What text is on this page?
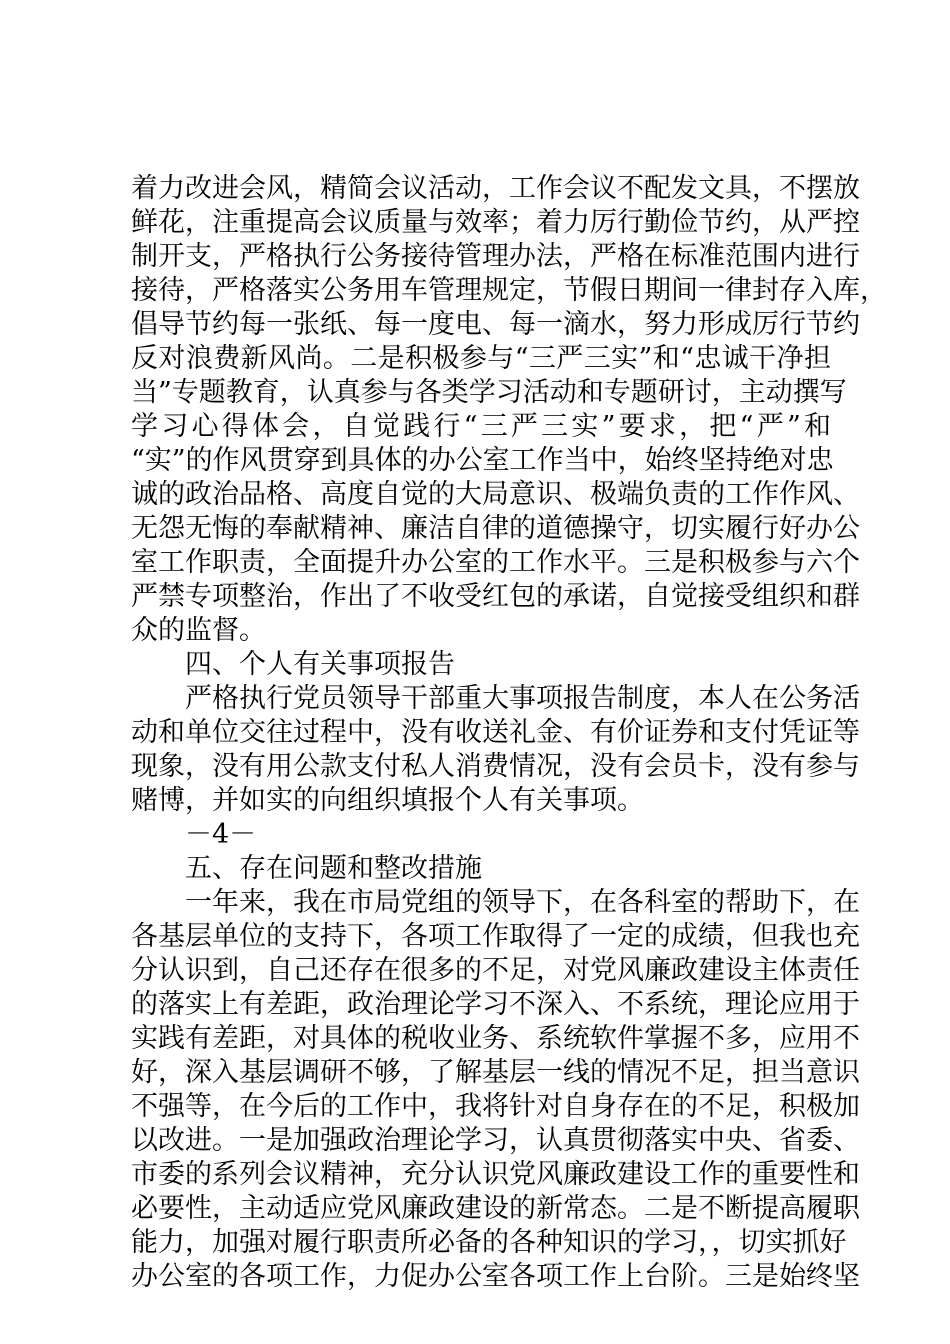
着力改进会风，精简会议活动，工作会议不配发文具，不摆放
鲜花，注重提高会议质量与效率；着力厉行勤俭节约，从严控
制开支，严格执行公务接待管理办法，严格在标准范围内进行
接待，严格落实公务用车管理规定，节假日期间一律封存入库，
倡导节约每一张纸、每一度电、每一滴水，努力形成厉行节约
反对浪费新风尚。二是积极参与“三严三实”和“忠诚干净担
当”专题教育，认真参与各类学习活动和专题研讨，主动撰写
学习心得体会，自觉践行“三严三实”要求，把“严”和
“实”的作风贯穿到具体的办公室工作当中，始终坚持绝对忠
诚的政治品格、高度自觉的大局意识、极端负责的工作作风、
无怨无悔的奉献精神、廉洁自律的道德操守，切实履行好办公
室工作职责，全面提升办公室的工作水平。三是积极参与六个
严禁专项整治，作出了不收受红包的承诺，自觉接受组织和群
众的监督。
四、个人有关事项报告
严格执行党员领导干部重大事项报告制度，本人在公务活
动和单位交往过程中，没有收送礼金、有价证券和支付凭证等
现象，没有用公款支付私人消费情况，没有会员卡，没有参与
赌博，并如实的向组织填报个人有关事项。
－4－
五、存在问题和整改措施
一年来，我在市局党组的领导下，在各科室的帮助下，在
各基层单位的支持下，各项工作取得了一定的成绩，但我也充
分认识到，自己还存在很多的不足，对党风廉政建设主体责任
的落实上有差距，政治理论学习不深入、不系统，理论应用于
实践有差距，对具体的税收业务、系统软件掌握不多，应用不
好，深入基层调研不够，了解基层一线的情况不足，担当意识
不强等，在今后的工作中，我将针对自身存在的不足，积极加
以改进。一是加强政治理论学习，认真贯彻落实中央、省委、
市委的系列会议精神，充分认识党风廉政建设工作的重要性和
必要性，主动适应党风廉政建设的新常态。二是不断提高履职
能力，加强对履行职责所必备的各种知识的学习，，切实抓好
办公室的各项工作，力促办公室各项工作上台阶。三是始终坚
